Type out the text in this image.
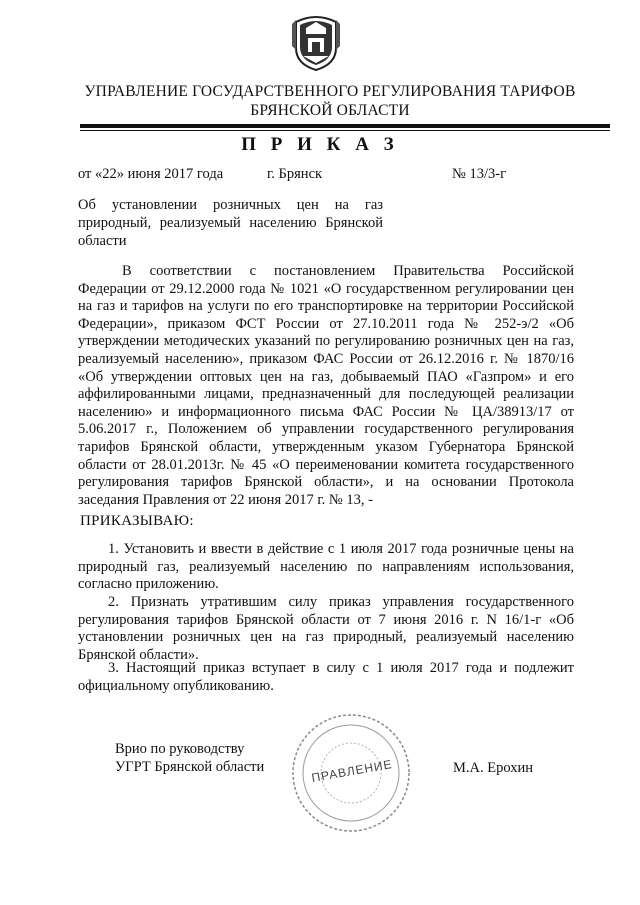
УПРАВЛЕНИЕ ГОСУДАРСТВЕННОГО РЕГУЛИРОВАНИЯ ТАРИФОВ
БРЯНСКОЙ ОБЛАСТИ
П Р И К А З
от «22» июня 2017 года	г. Брянск	№ 13/3-г
Об установлении розничных цен на газ природный, реализуемый населению Брянской области
В соответствии с постановлением Правительства Российской Федерации от 29.12.2000 года № 1021 «О государственном регулировании цен на газ и тарифов на услуги по его транспортировке на территории Российской Федерации», приказом ФСТ России от 27.10.2011 года № 252-э/2 «Об утверждении методических указаний по регулированию розничных цен на газ, реализуемый населению», приказом ФАС России от 26.12.2016 г. № 1870/16 «Об утверждении оптовых цен на газ, добываемый ПАО «Газпром» и его аффилированными лицами, предназначенный для последующей реализации населению» и информационного письма ФАС России № ЦА/38913/17 от 5.06.2017 г., Положением об управлении государственного регулирования тарифов Брянской области, утвержденным указом Губернатора Брянской области от 28.01.2013г. № 45 «О переименовании комитета государственного регулирования тарифов Брянской области», и на основании Протокола заседания Правления от 22 июня 2017 г. № 13, -
ПРИКАЗЫВАЮ:
1. Установить и ввести в действие с 1 июля 2017 года розничные цены на природный газ, реализуемый населению по направлениям использования, согласно приложению.
2. Признать утратившим силу приказ управления государственного регулирования тарифов Брянской области от 7 июня 2016 г. N 16/1-г «Об установлении розничных цен на газ природный, реализуемый населению Брянской области».
3. Настоящий приказ вступает в силу с 1 июля 2017 года и подлежит официальному опубликованию.
Врио по руководству
УГРТ Брянской области	ПРАВЛЕНИЕ	М.А. Ерохин
